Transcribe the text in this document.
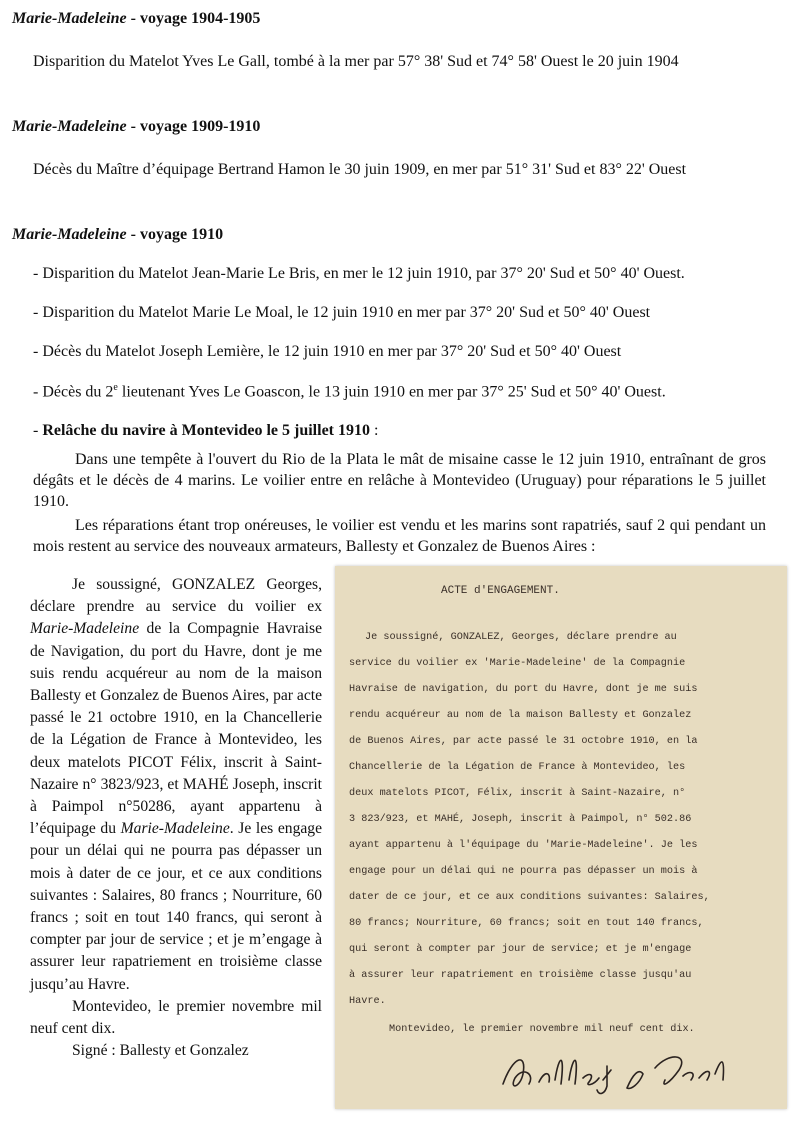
Marie-Madeleine - voyage 1904-1905
Disparition du Matelot Yves Le Gall, tombé à la mer par 57° 38' Sud et 74° 58' Ouest le 20 juin 1904
Marie-Madeleine - voyage 1909-1910
Décès du Maître d’équipage Bertrand Hamon le 30 juin 1909, en mer par 51° 31' Sud et 83° 22' Ouest
Marie-Madeleine - voyage 1910
- Disparition du Matelot Jean-Marie Le Bris, en mer le 12 juin 1910, par 37° 20' Sud et 50° 40' Ouest.
- Disparition du Matelot Marie Le Moal, le 12 juin 1910 en mer par 37° 20' Sud et 50° 40' Ouest
- Décès du Matelot Joseph Lemière, le 12 juin 1910 en mer par 37° 20' Sud et 50° 40' Ouest
- Décès du 2e lieutenant Yves Le Goascon, le 13 juin 1910 en mer par 37° 25' Sud et 50° 40' Ouest.
- Relâche du navire à Montevideo le 5 juillet 1910 :
Dans une tempête à l'ouvert du Rio de la Plata le mât de misaine casse le 12 juin 1910, entraînant de gros dégâts et le décès de 4 marins. Le voilier entre en relâche à Montevideo (Uruguay) pour réparations le 5 juillet 1910.
Les réparations étant trop onéreuses, le voilier est vendu et les marins sont rapatriés, sauf 2 qui pendant un mois restent au service des nouveaux armateurs, Ballesty et Gonzalez de Buenos Aires :

Je soussigné, GONZALEZ Georges, déclare prendre au service du voilier ex Marie-Madeleine de la Compagnie Havraise de Navigation, du port du Havre, dont je me suis rendu acquéreur au nom de la maison Ballesty et Gonzalez de Buenos Aires, par acte passé le 21 octobre 1910, en la Chancellerie de la Légation de France à Montevideo, les deux matelots PICOT Félix, inscrit à Saint-Nazaire n° 3823/923, et MAHÉ Joseph, inscrit à Paimpol n°50286, ayant appartenu à l’équipage du Marie-Madeleine. Je les engage pour un délai qui ne pourra pas dépasser un mois à dater de ce jour, et ce aux conditions suivantes : Salaires, 80 francs ; Nourriture, 60 francs ; soit en tout 140 francs, qui seront à compter par jour de service ; et je m’engage à assurer leur rapatriement en troisième classe jusqu’au Havre.

Montevideo, le premier novembre mil neuf cent dix.

Signé : Ballesty et Gonzalez

ACTE d'ENGAGEMENT.
Je soussigné, GONZALEZ, Georges, déclare prendre au
service du voilier ex 'Marie-Madeleine' de la Compagnie
Havraise de navigation, du port du Havre, dont je me suis
rendu acquéreur au nom de la maison Ballesty et Gonzalez
de Buenos Aires, par acte passé le 31 octobre 1910, en la
Chancellerie de la Légation de France à Montevideo, les
deux matelots PICOT, Félix, inscrit à Saint-Nazaire, n°
3 823/923, et MAHÉ, Joseph, inscrit à Paimpol, n° 502.86
ayant appartenu à l'équipage du 'Marie-Madeleine'. Je les
engage pour un délai qui ne pourra pas dépasser un mois à
dater de ce jour, et ce aux conditions suivantes: Salaires,
80 francs; Nourriture, 60 francs; soit en tout 140 francs,
qui seront à compter par jour de service; et je m'engage
à assurer leur rapatriement en troisième classe jusqu'au
Havre.
Montevideo, le premier novembre mil neuf cent dix.
